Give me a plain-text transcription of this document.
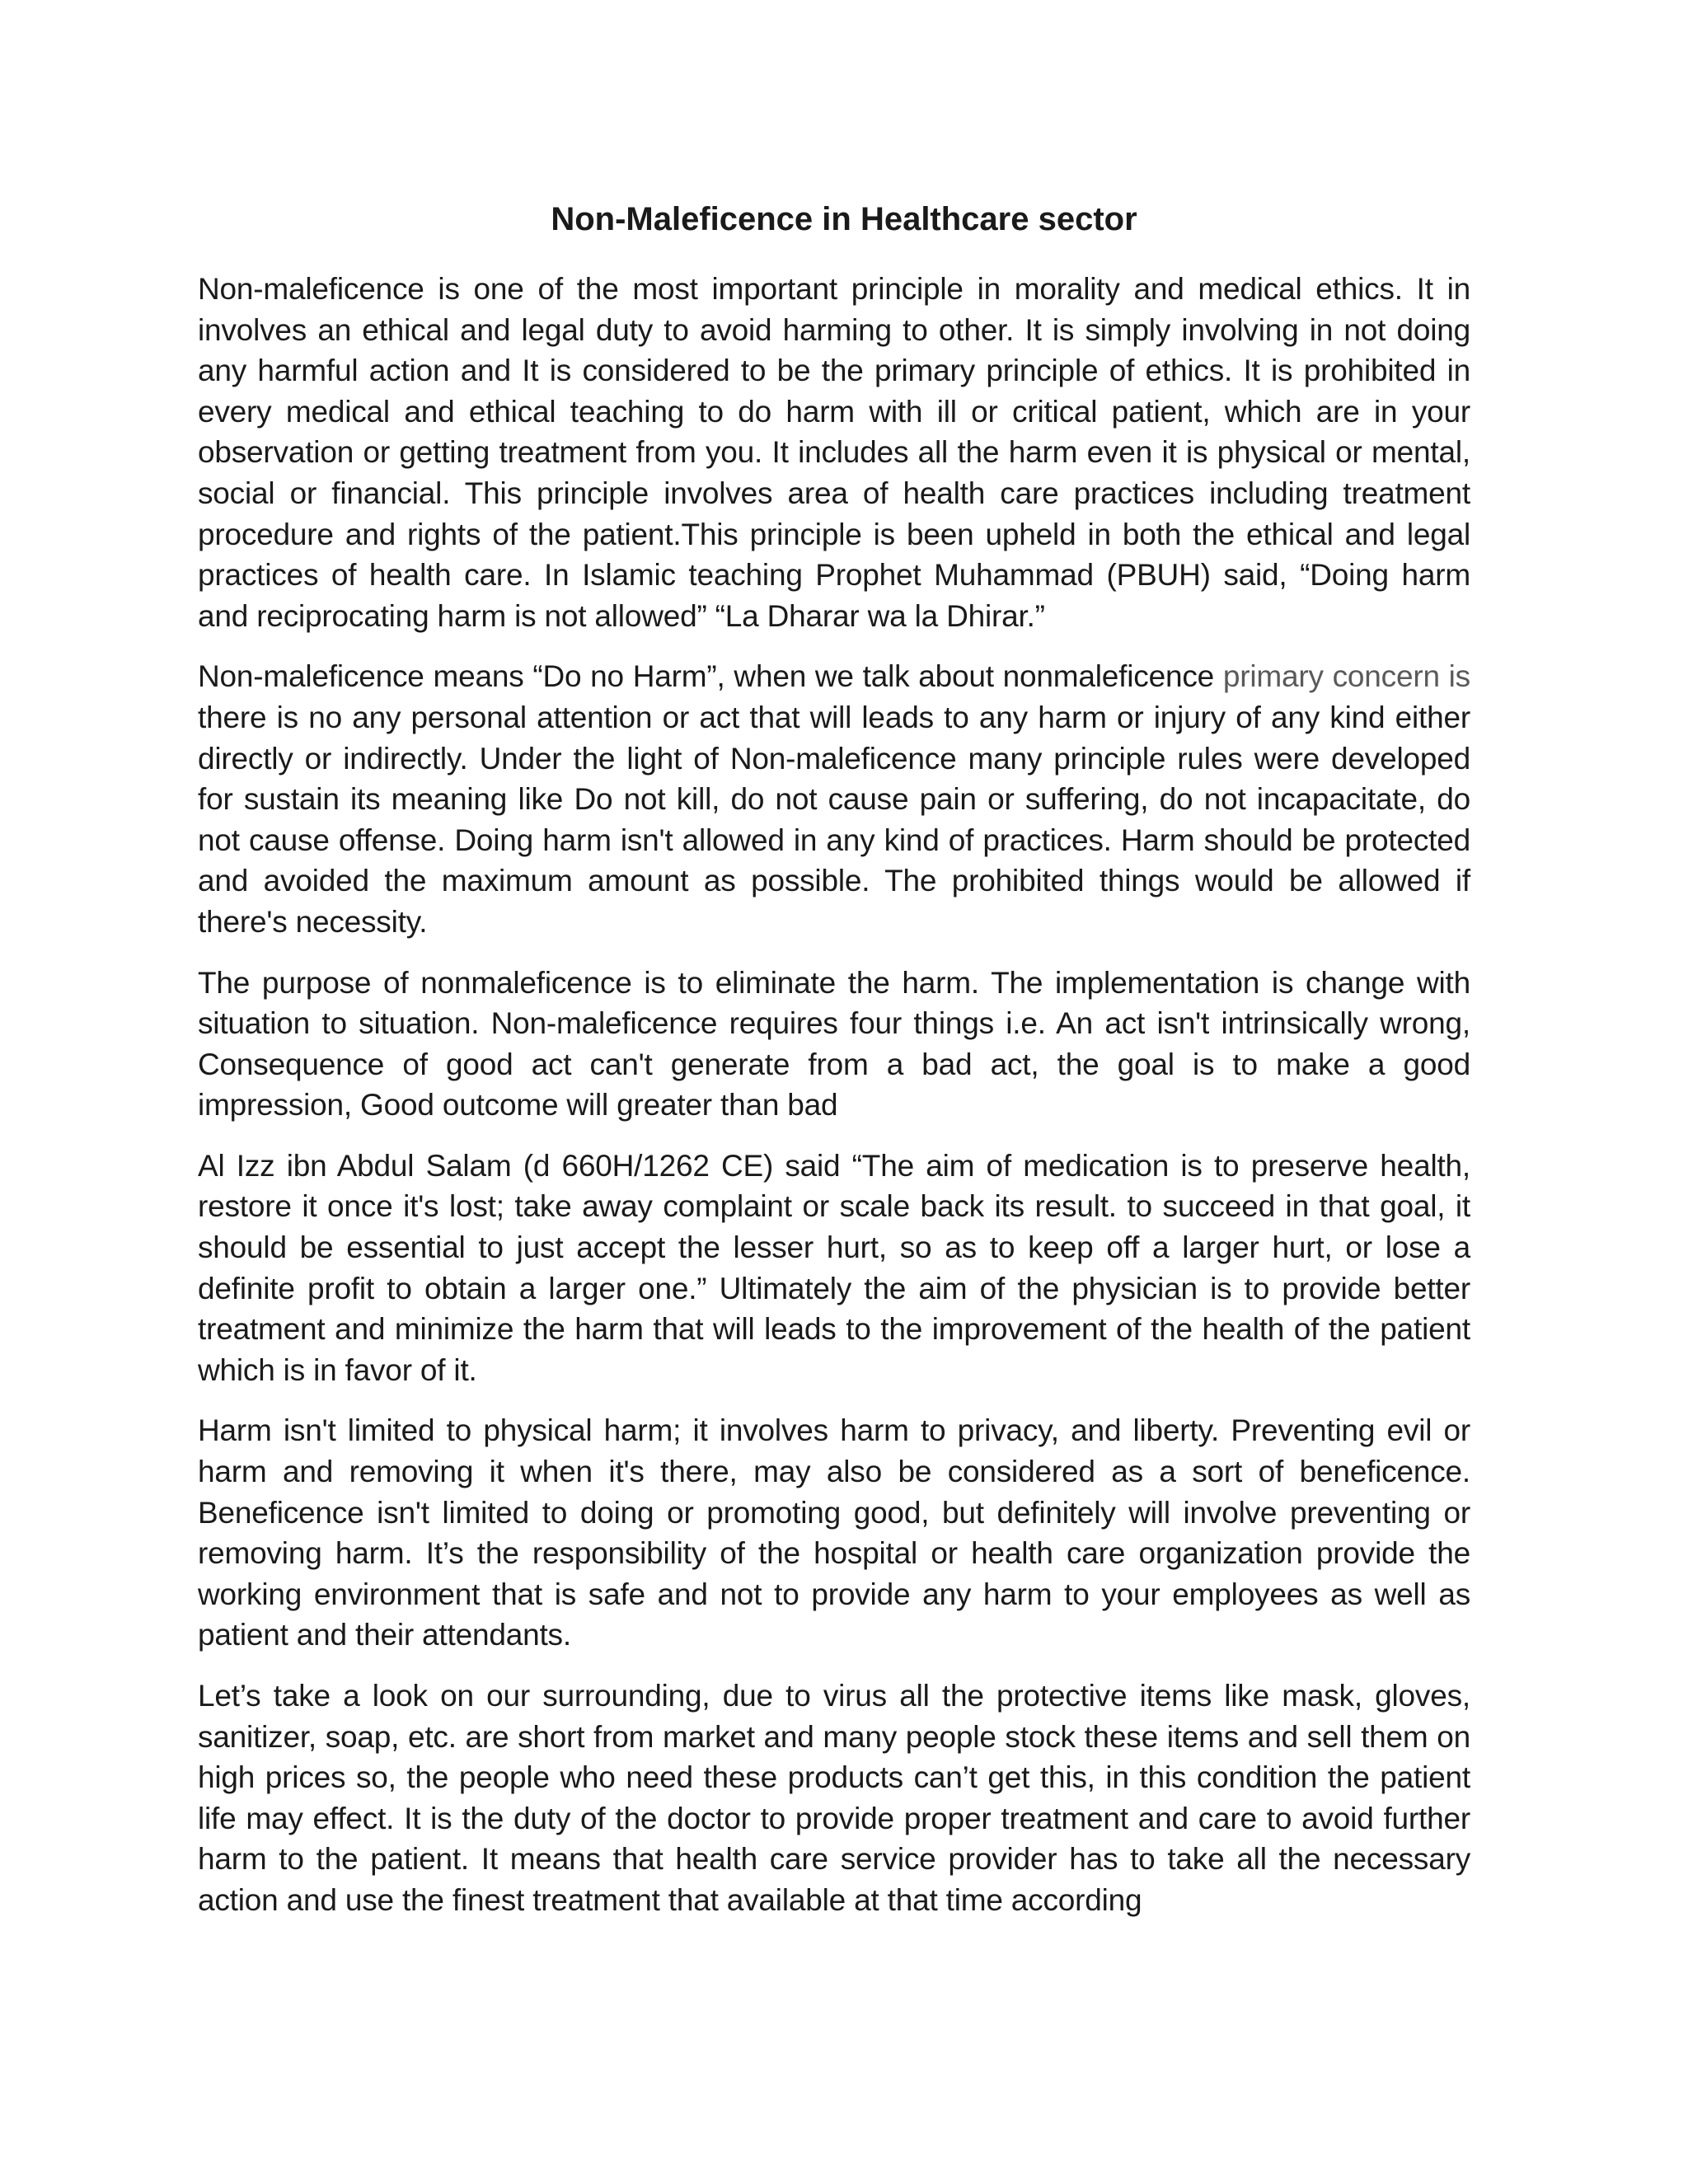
Non-Maleficence in Healthcare sector

Non-maleficence is one of the most important principle in morality and medical ethics. It in involves an ethical and legal duty to avoid harming to other. It is simply involving in not doing any harmful action and It is considered to be the primary principle of ethics. It is prohibited in every medical and ethical teaching to do harm with ill or critical patient, which are in your observation or getting treatment from you. It includes all the harm even it is physical or mental, social or financial. This principle involves area of health care practices including treatment procedure and rights of the patient.This principle is been upheld in both the ethical and legal practices of health care. In Islamic teaching Prophet Muhammad (PBUH) said, “Doing harm and reciprocating harm is not allowed” “La Dharar wa la Dhirar.”

Non-maleficence means “Do no Harm”, when we talk about nonmaleficence primary concern is there is no any personal attention or act that will leads to any harm or injury of any kind either directly or indirectly. Under the light of Non-maleficence many principle rules were developed for sustain its meaning like Do not kill, do not cause pain or suffering, do not incapacitate, do not cause offense. Doing harm isn't allowed in any kind of practices. Harm should be protected and avoided the maximum amount as possible. The prohibited things would be allowed if there's necessity.

The purpose of nonmaleficence is to eliminate the harm. The implementation is change with situation to situation. Non-maleficence requires four things i.e. An act isn't intrinsically wrong, Consequence of good act can't generate from a bad act, the goal is to make a good impression, Good outcome will greater than bad

Al Izz ibn Abdul Salam (d 660H/1262 CE) said “The aim of medication is to preserve health, restore it once it's lost; take away complaint or scale back its result. to succeed in that goal, it should be essential to just accept the lesser hurt, so as to keep off a larger hurt, or lose a definite profit to obtain a larger one.” Ultimately the aim of the physician is to provide better treatment and minimize the harm that will leads to the improvement of the health of the patient which is in favor of it.

Harm isn't limited to physical harm; it involves harm to privacy, and liberty. Preventing evil or harm and removing it when it's there, may also be considered as a sort of beneficence. Beneficence isn't limited to doing or promoting good, but definitely will involve preventing or removing harm. It’s the responsibility of the hospital or health care organization provide the working environment that is safe and not to provide any harm to your employees as well as patient and their attendants.

Let’s take a look on our surrounding, due to virus all the protective items like mask, gloves, sanitizer, soap, etc. are short from market and many people stock these items and sell them on high prices so, the people who need these products can’t get this, in this condition the patient life may effect. It is the duty of the doctor to provide proper treatment and care to avoid further harm to the patient. It means that health care service provider has to take all the necessary action and use the finest treatment that available at that time according
